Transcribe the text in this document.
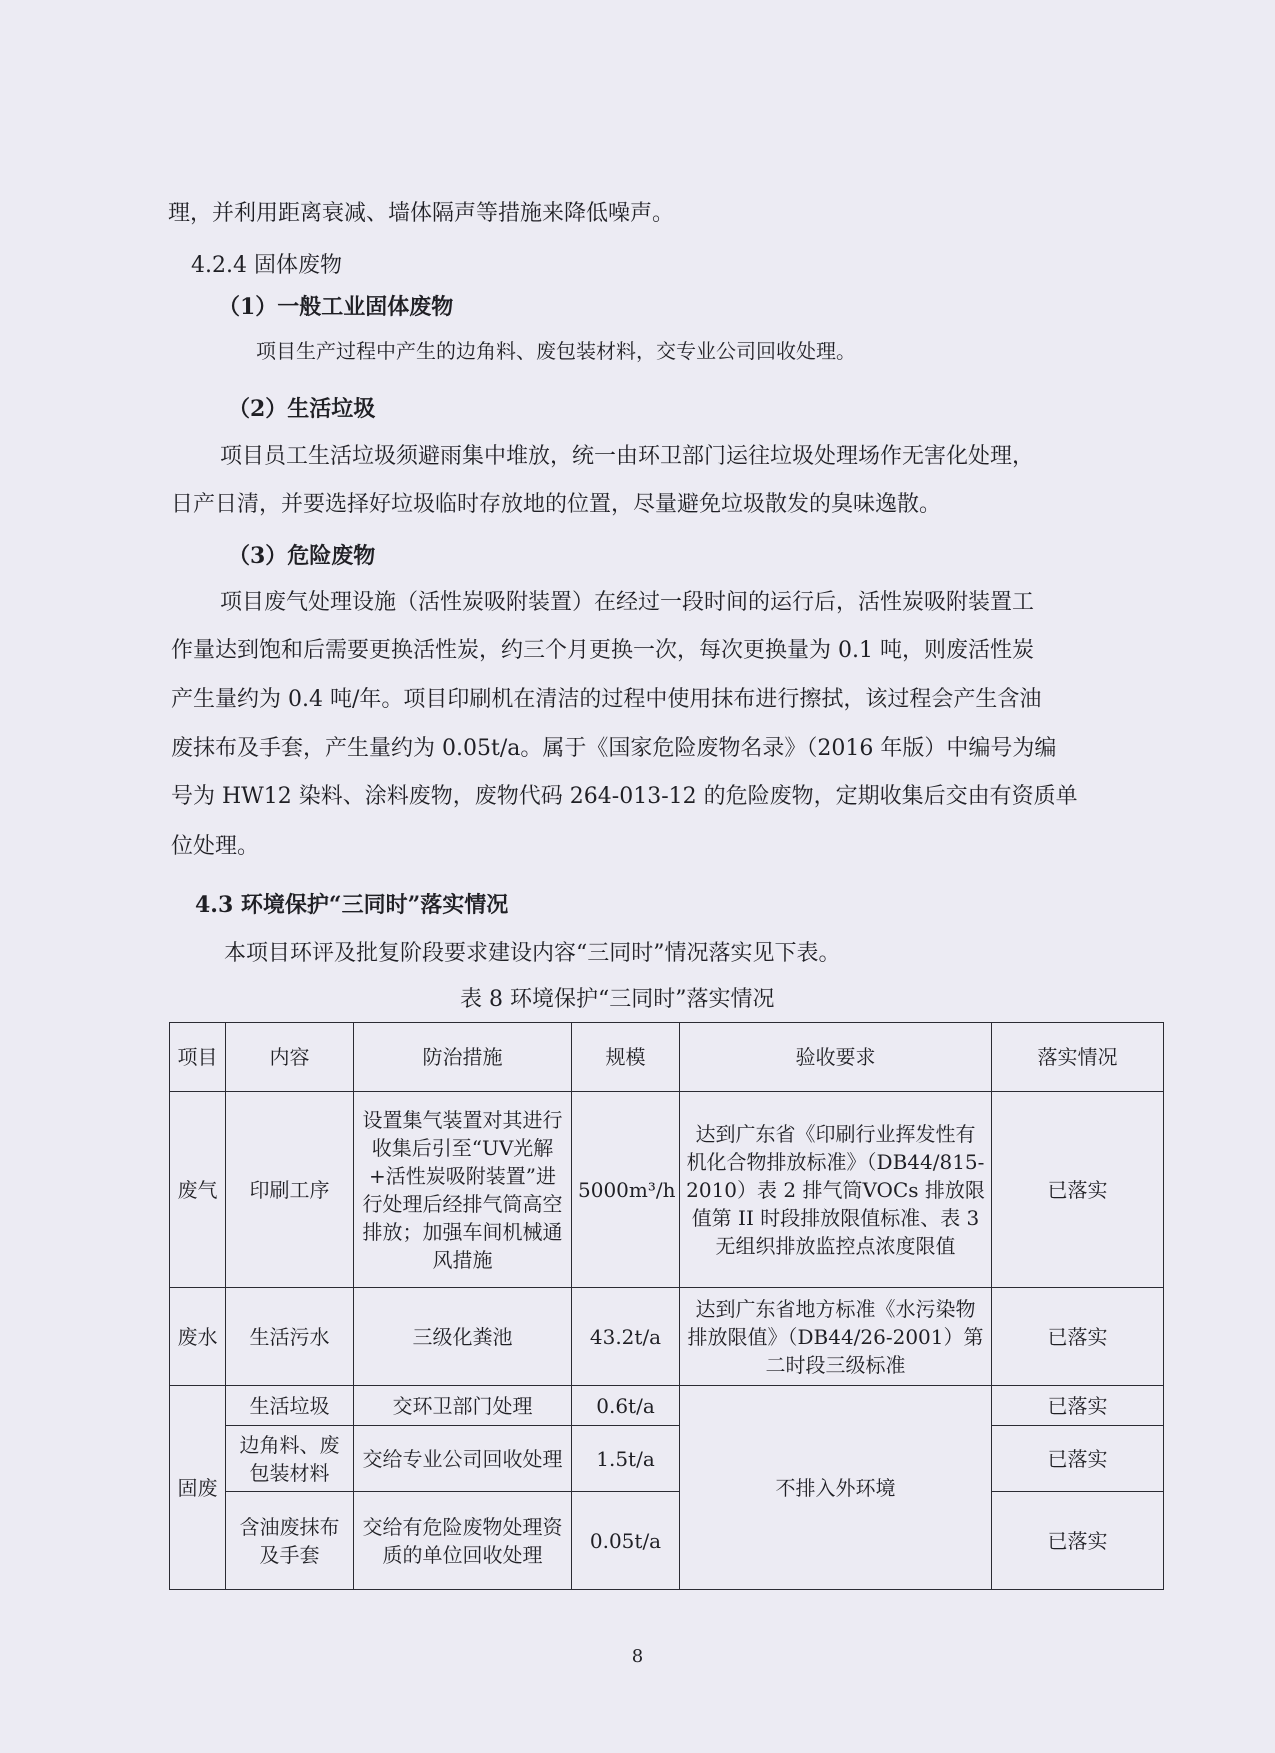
理，并利用距离衰减、墙体隔声等措施来降低噪声。
4.2.4 固体废物
（1）一般工业固体废物
项目生产过程中产生的边角料、废包装材料，交专业公司回收处理。
（2）生活垃圾
项目员工生活垃圾须避雨集中堆放，统一由环卫部门运往垃圾处理场作无害化处理，
日产日清，并要选择好垃圾临时存放地的位置，尽量避免垃圾散发的臭味逸散。
（3）危险废物
项目废气处理设施（活性炭吸附装置）在经过一段时间的运行后，活性炭吸附装置工
作量达到饱和后需要更换活性炭，约三个月更换一次，每次更换量为 0.1 吨，则废活性炭
产生量约为 0.4 吨/年。项目印刷机在清洁的过程中使用抹布进行擦拭，该过程会产生含油
废抹布及手套，产生量约为 0.05t/a。属于《国家危险废物名录》（2016 年版）中编号为编
号为 HW12 染料、涂料废物，废物代码 264-013-12 的危险废物，定期收集后交由有资质单
位处理。
4.3 环境保护“三同时”落实情况
本项目环评及批复阶段要求建设内容“三同时”情况落实见下表。
表 8 环境保护“三同时”落实情况
项目	内容	防治措施	规模	验收要求	落实情况
废气	印刷工序	设置集气装置对其进行收集后引至“UV光解+活性炭吸附装置”进行处理后经排气筒高空排放；加强车间机械通风措施	5000m³/h	达到广东省《印刷行业挥发性有机化合物排放标准》（DB44/815-2010）表 2 排气筒VOCs 排放限值第 II 时段排放限值标准、表 3 无组织排放监控点浓度限值	已落实
废水	生活污水	三级化粪池	43.2t/a	达到广东省地方标准《水污染物排放限值》（DB44/26-2001）第二时段三级标准	已落实
固废	生活垃圾	交环卫部门处理	0.6t/a	不排入外环境	已落实
	边角料、废包装材料	交给专业公司回收处理	1.5t/a		已落实
	含油废抹布及手套	交给有危险废物处理资质的单位回收处理	0.05t/a		已落实
8
